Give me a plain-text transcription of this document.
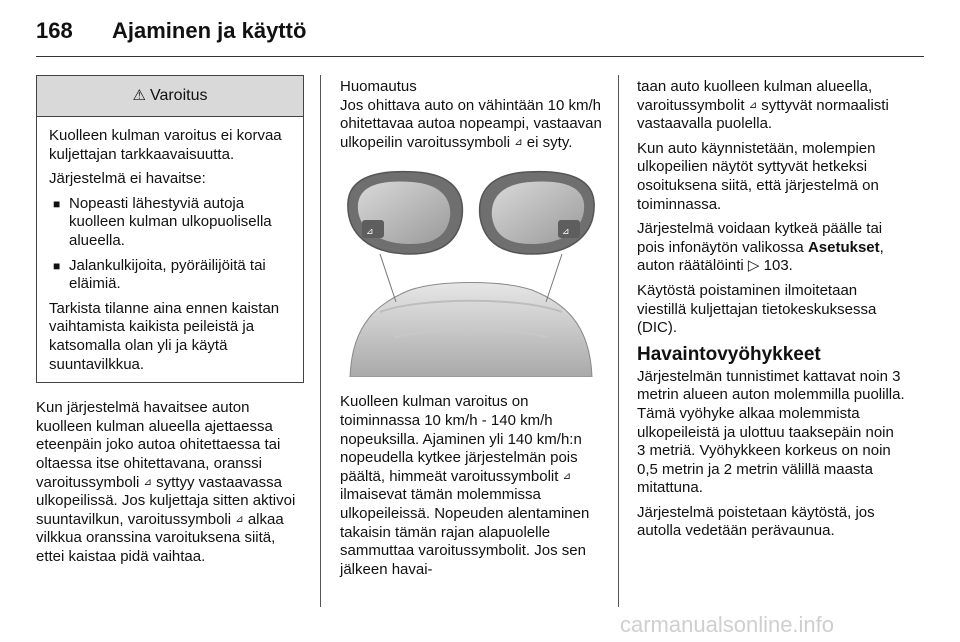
168 Ajaminen ja käyttö
⚠ Varoitus

Kuolleen kulman varoitus ei korvaa kuljettajan tarkkaavaisuutta.

Järjestelmä ei havaitse:

■ Nopeasti lähestyviä autoja kuolleen kulman ulkopuolisella alueella.

■ Jalankulkijoita, pyöräilijöitä tai eläimiä.

Tarkista tilanne aina ennen kaistan vaihtamista kaikista peileistä ja katsomalla olan yli ja käytä suuntavilkkua.

Kun järjestelmä havaitsee auton kuolleen kulman alueella ajettaessa eteenpäin joko autoa ohitettaessa tai oltaessa itse ohitettavana, oranssi varoitussymboli ⊿ syttyy vastaavassa ulkopeilissä. Jos kuljettaja sitten aktivoi suuntavilkun, varoitussymboli ⊿ alkaa vilkkua oranssina varoituksena siitä, ettei kaistaa pidä vaihtaa.

Huomautus

Jos ohittava auto on vähintään 10 km/h ohitettavaa autoa nopeampi, vastaavan ulkopeilin varoitussymboli ⊿ ei syty.

⊿	⊿

Kuolleen kulman varoitus on toiminnassa 10 km/h - 140 km/h nopeuksilla. Ajaminen yli 140 km/h:n nopeudella kytkee järjestelmän pois päältä, himmeät varoitussymbolit ⊿ ilmaisevat tämän molemmissa ulkopeileissä. Nopeuden alentaminen takaisin tämän rajan alapuolelle sammuttaa varoitussymbolit. Jos sen jälkeen havai-

taan auto kuolleen kulman alueella, varoitussymbolit ⊿ syttyvät normaalisti vastaavalla puolella.

Kun auto käynnistetään, molempien ulkopeilien näytöt syttyvät hetkeksi osoituksena siitä, että järjestelmä on toiminnassa.

Järjestelmä voidaan kytkeä päälle tai pois infonäytön valikossa Asetukset, auton räätälöinti ▷ 103.

Käytöstä poistaminen ilmoitetaan viestillä kuljettajan tietokeskuksessa (DIC).

Havaintovyöhykkeet

Järjestelmän tunnistimet kattavat noin 3 metrin alueen auton molemmilla puolilla. Tämä vyöhyke alkaa molemmista ulkopeileistä ja ulottuu taaksepäin noin 3 metriä. Vyöhykkeen korkeus on noin 0,5 metrin ja 2 metrin välillä maasta mitattuna.

Järjestelmä poistetaan käytöstä, jos autolla vedetään perävaunua.

carmanualsonline.info
